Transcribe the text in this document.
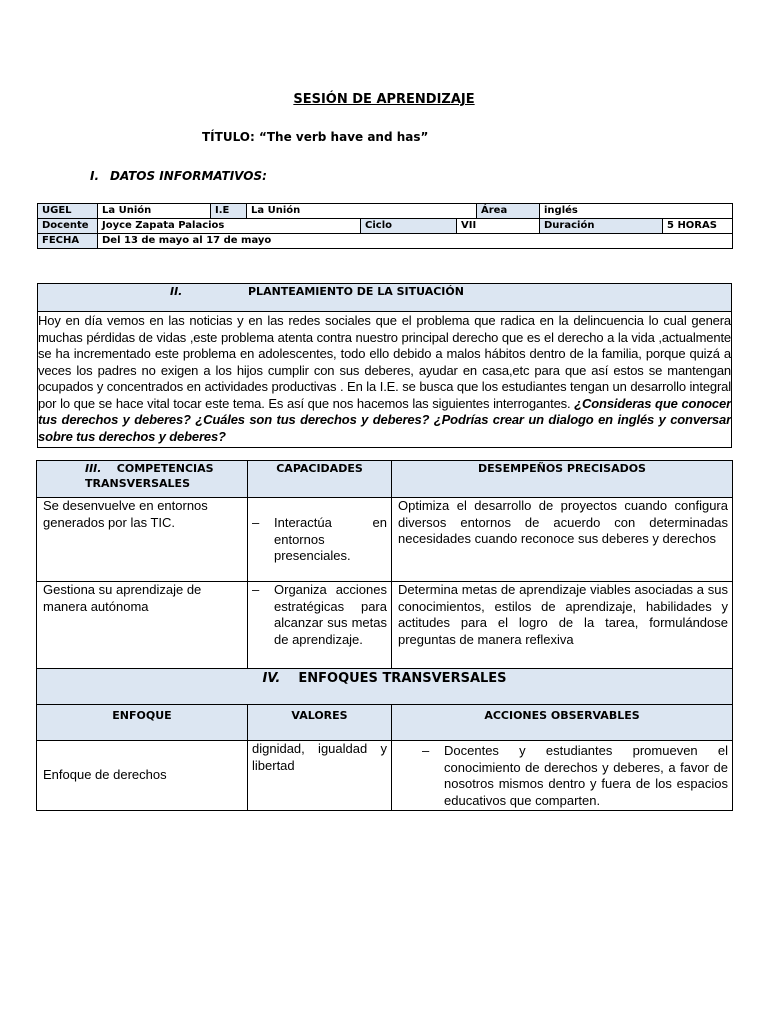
SESIÓN DE APRENDIZAJE
TÍTULO: “The verb have and has”
I. DATOS INFORMATIVOS:
UGEL	La Unión	I.E	La Unión			Área	inglés	
Docente	Joyce Zapata Palacios			Ciclo	VII		Duración	5 HORAS
FECHA	Del 13 de mayo al 17 de mayo							
II.	PLANTEAMIENTO DE LA SITUACIÓN
Hoy en día vemos en las noticias y en las redes sociales que el problema que radica en la delincuencia lo cual genera muchas pérdidas de vidas ,este problema atenta contra nuestro principal derecho que es el derecho a la vida ,actualmente se ha incrementado este problema en adolescentes, todo ello debido a malos hábitos dentro de la familia, porque quizá a veces los padres no exigen a los hijos cumplir con sus deberes, ayudar en casa,etc para que así estos se mantengan ocupados y concentrados en actividades productivas . En la I.E. se busca que los estudiantes tengan un desarrollo integral por lo que se hace vital tocar este tema. Es así que nos hacemos las siguientes interrogantes. ¿Consideras que conocer tus derechos y deberes? ¿Cuáles son tus derechos y deberes? ¿Podrías crear un dialogo en inglés y conversar sobre tus derechos y deberes?
III. COMPETENCIAS TRANSVERSALES	CAPACIDADES	DESEMPEÑOS PRECISADOS
Se desenvuelve en entornos generados por las TIC.	– Interactúa en entornos presenciales.	Optimiza el desarrollo de proyectos cuando configura diversos entornos de acuerdo con determinadas necesidades cuando reconoce sus deberes y derechos
Gestiona su aprendizaje de manera autónoma	– Organiza acciones estratégicas para alcanzar sus metas de aprendizaje.	Determina metas de aprendizaje viables asociadas a sus conocimientos, estilos de aprendizaje, habilidades y actitudes para el logro de la tarea, formulándose preguntas de manera reflexiva
IV. ENFOQUES TRANSVERSALES		
ENFOQUE	VALORES	ACCIONES OBSERVABLES
Enfoque de derechos	dignidad, igualdad y libertad	– Docentes y estudiantes promueven el conocimiento de derechos y deberes, a favor de nosotros mismos dentro y fuera de los espacios educativos que comparten.
